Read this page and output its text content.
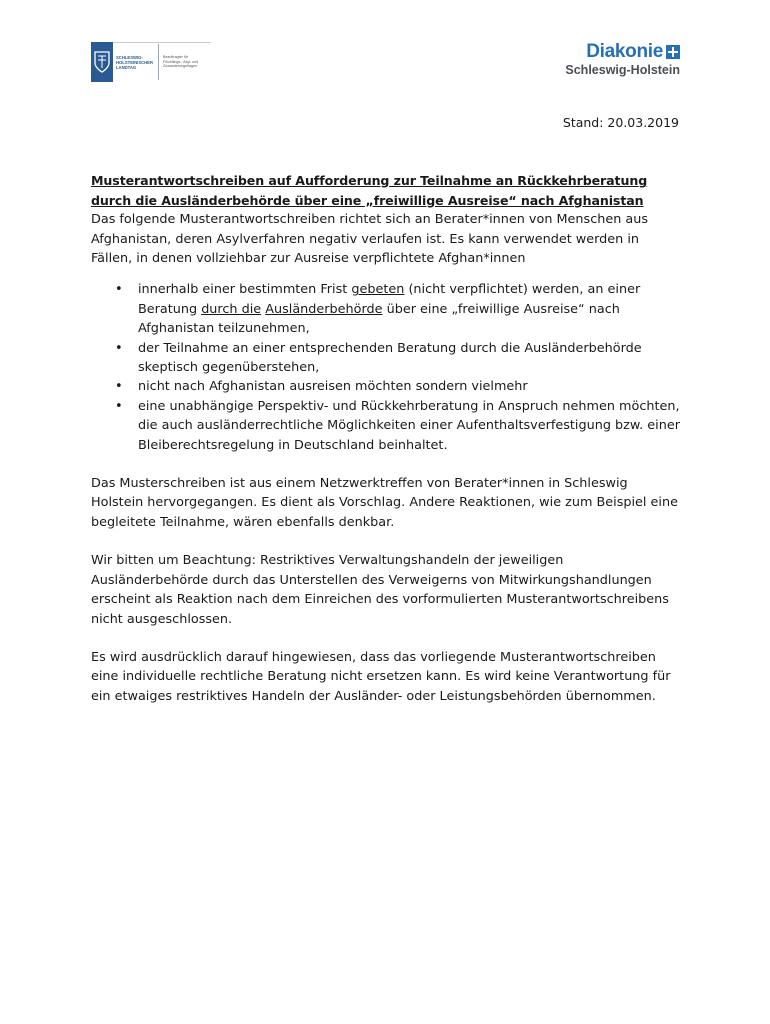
SCHLESWIG-
HOLSTEINISCHER
LANDTAG
Beauftragter für
Flüchtlings-, Asyl- und
Zuwanderungsfragen
Diakonie
Schleswig-Holstein
Stand: 20.03.2019

Musterantwortschreiben auf Aufforderung zur Teilnahme an Rückkehrberatung durch die Ausländerbehörde über eine „freiwillige Ausreise“ nach Afghanistan

Das folgende Musterantwortschreiben richtet sich an Berater*innen von Menschen aus Afghanistan, deren Asylverfahren negativ verlaufen ist. Es kann verwendet werden in Fällen, in denen vollziehbar zur Ausreise verpflichtete Afghan*innen

• innerhalb einer bestimmten Frist gebeten (nicht verpflichtet) werden, an einer Beratung durch die Ausländerbehörde über eine „freiwillige Ausreise“ nach Afghanistan teilzunehmen,
• der Teilnahme an einer entsprechenden Beratung durch die Ausländerbehörde skeptisch gegenüberstehen,
• nicht nach Afghanistan ausreisen möchten sondern vielmehr
• eine unabhängige Perspektiv- und Rückkehrberatung in Anspruch nehmen möchten, die auch ausländerrechtliche Möglichkeiten einer Aufenthaltsverfestigung bzw. einer Bleiberechtsregelung in Deutschland beinhaltet.

Das Musterschreiben ist aus einem Netzwerktreffen von Berater*innen in Schleswig Holstein hervorgegangen. Es dient als Vorschlag. Andere Reaktionen, wie zum Beispiel eine begleitete Teilnahme, wären ebenfalls denkbar.

Wir bitten um Beachtung: Restriktives Verwaltungshandeln der jeweiligen Ausländerbehörde durch das Unterstellen des Verweigerns von Mitwirkungshandlungen erscheint als Reaktion nach dem Einreichen des vorformulierten Musterantwortschreibens nicht ausgeschlossen.

Es wird ausdrücklich darauf hingewiesen, dass das vorliegende Musterantwortschreiben eine individuelle rechtliche Beratung nicht ersetzen kann. Es wird keine Verantwortung für ein etwaiges restriktives Handeln der Ausländer- oder Leistungsbehörden übernommen.
